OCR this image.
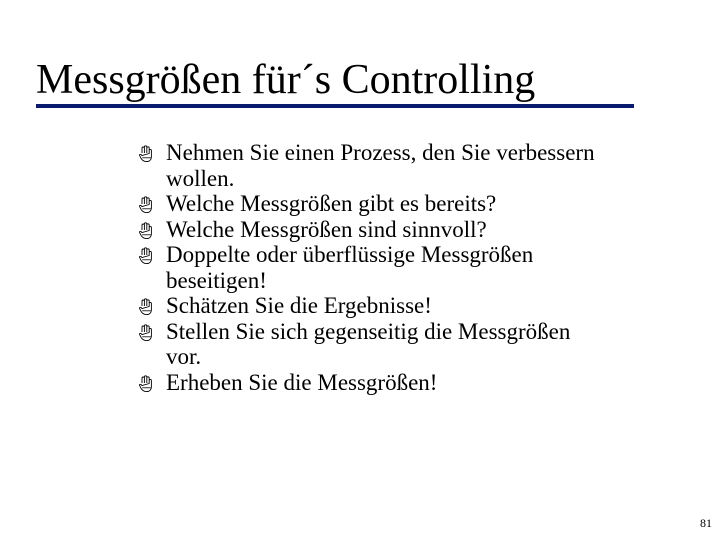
Messgrößen für´s Controlling
Nehmen Sie einen Prozess, den Sie verbessern wollen.
Welche Messgrößen gibt es bereits?
Welche Messgrößen sind sinnvoll?
Doppelte oder überflüssige Messgrößen beseitigen!
Schätzen Sie die Ergebnisse!
Stellen Sie sich gegenseitig die Messgrößen vor.
Erheben Sie die Messgrößen!
81
